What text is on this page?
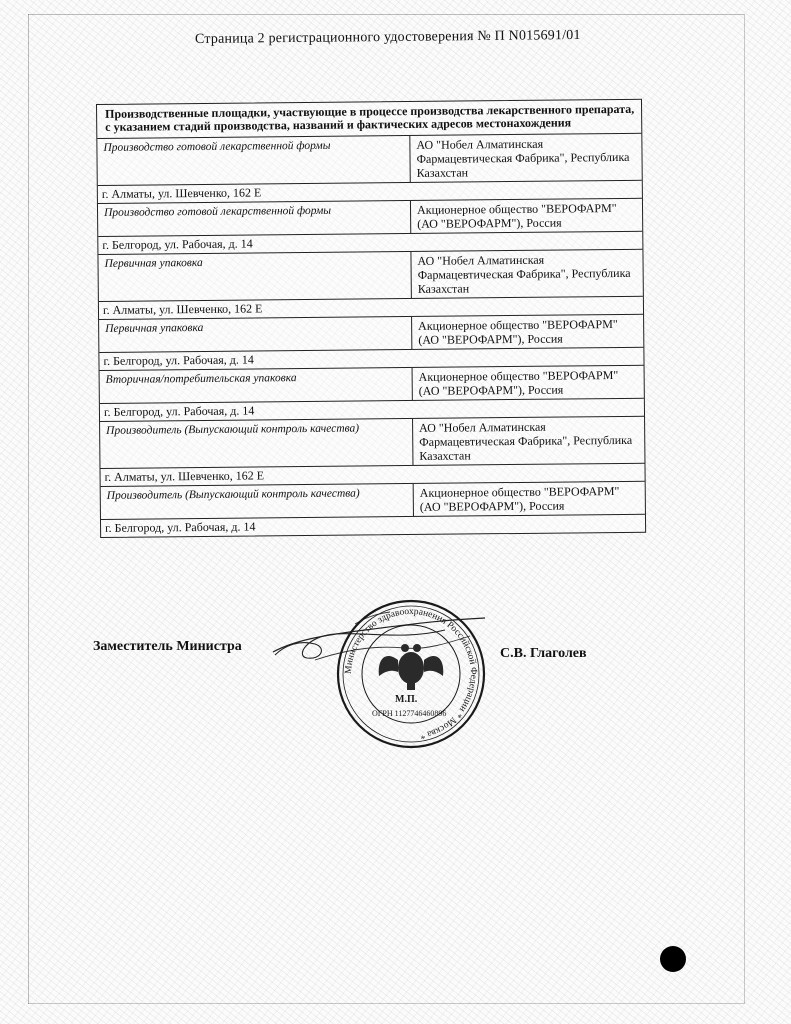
Страница 2 регистрационного удостоверения № П N015691/01
Производственные площадки, участвующие в процессе производства лекарственного препарата, с указанием стадий производства, названий и фактических адресов местонахождения
Производство готовой лекарственной формы	АО "Нобел Алматинская Фармацевтическая Фабрика", Республика Казахстан
г. Алматы, ул. Шевченко, 162 Е
Производство готовой лекарственной формы	Акционерное общество "ВЕРОФАРМ" (АО "ВЕРОФАРМ"), Россия
г. Белгород, ул. Рабочая, д. 14
Первичная упаковка	АО "Нобел Алматинская Фармацевтическая Фабрика", Республика Казахстан
г. Алматы, ул. Шевченко, 162 Е
Первичная упаковка	Акционерное общество "ВЕРОФАРМ" (АО "ВЕРОФАРМ"), Россия
г. Белгород, ул. Рабочая, д. 14
Вторичная/потребительская упаковка	Акционерное общество "ВЕРОФАРМ" (АО "ВЕРОФАРМ"), Россия
г. Белгород, ул. Рабочая, д. 14
Производитель (Выпускающий контроль качества)	АО "Нобел Алматинская Фармацевтическая Фабрика", Республика Казахстан
г. Алматы, ул. Шевченко, 162 Е
Производитель (Выпускающий контроль качества)	Акционерное общество "ВЕРОФАРМ" (АО "ВЕРОФАРМ"), Россия
г. Белгород, ул. Рабочая, д. 14
Министерство здравоохранения Российской Федерации * Москва *
М.П.
ОГРН 1127746460896
Заместитель Министра	С.В. Глаголев
